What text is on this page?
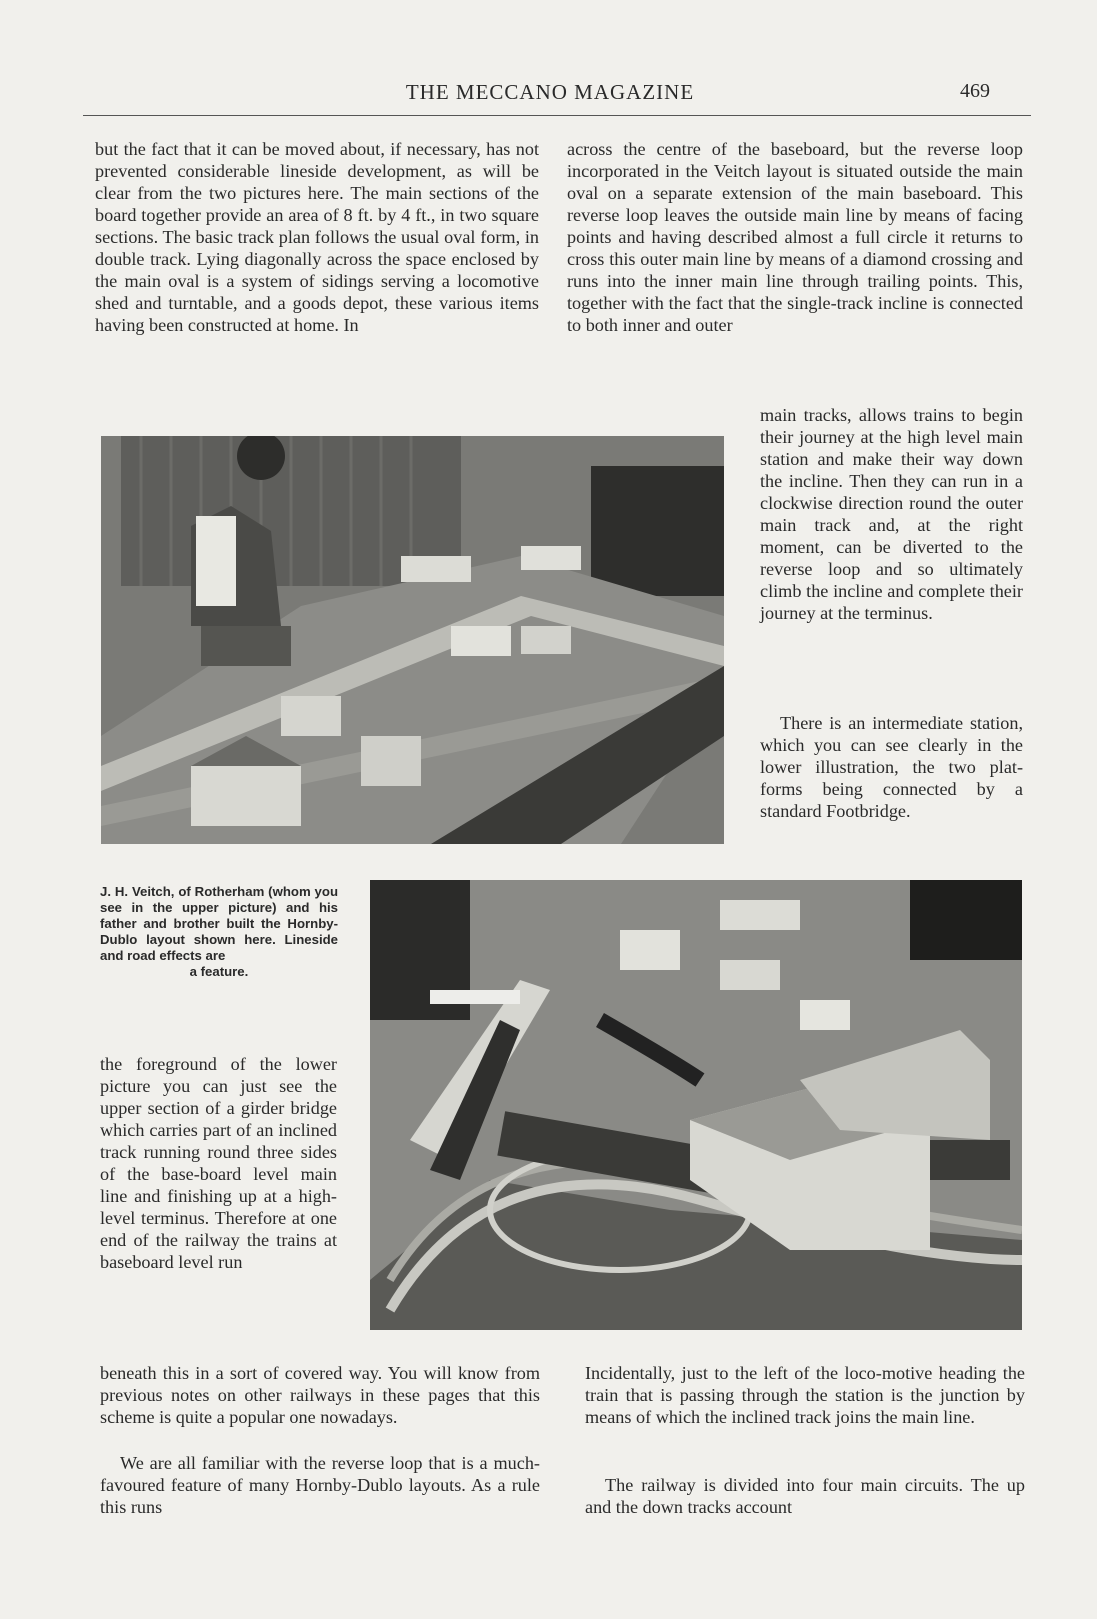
THE MECCANO MAGAZINE	469

but the fact that it can be moved about, if necessary, has not prevented considerable lineside development, as will be clear from the two pictures here. The main sections of the board together provide an area of 8 ft. by 4 ft., in two square sections. The basic track plan follows the usual oval form, in double track. Lying diagonally across the space enclosed by the main oval is a system of sidings serving a locomotive shed and turntable, and a goods depot, these various items having been constructed at home. In

across the centre of the baseboard, but the reverse loop incorporated in the Veitch layout is situated outside the main oval on a separate extension of the main baseboard. This reverse loop leaves the outside main line by means of facing points and having described almost a full circle it returns to cross this outer main line by means of a diamond crossing and runs into the inner main line through trailing points. This, together with the fact that the single-track incline is connected to both inner and outer

main tracks, allows trains to begin their journey at the high level main station and make their way down the incline. Then they can run in a clockwise direction round the outer main track and, at the right moment, can be diverted to the reverse loop and so ultimately climb the incline and complete their journey at the terminus.

There is an intermediate station, which you can see clearly in the lower illustration, the two plat-forms being connected by a standard Footbridge.

J. H. Veitch, of Rotherham (whom you see in the upper picture) and his father and brother built the Hornby-Dublo layout shown here. Lineside and road effects are
a feature.

the foreground of the lower picture you can just see the upper section of a girder bridge which carries part of an inclined track running round three sides of the base-board level main line and finishing up at a high-level terminus. Therefore at one end of the railway the trains at baseboard level run

beneath this in a sort of covered way. You will know from previous notes on other railways in these pages that this scheme is quite a popular one nowadays.

We are all familiar with the reverse loop that is a much-favoured feature of many Hornby-Dublo layouts. As a rule this runs

Incidentally, just to the left of the loco-motive heading the train that is passing through the station is the junction by means of which the inclined track joins the main line.

The railway is divided into four main circuits. The up and the down tracks account
